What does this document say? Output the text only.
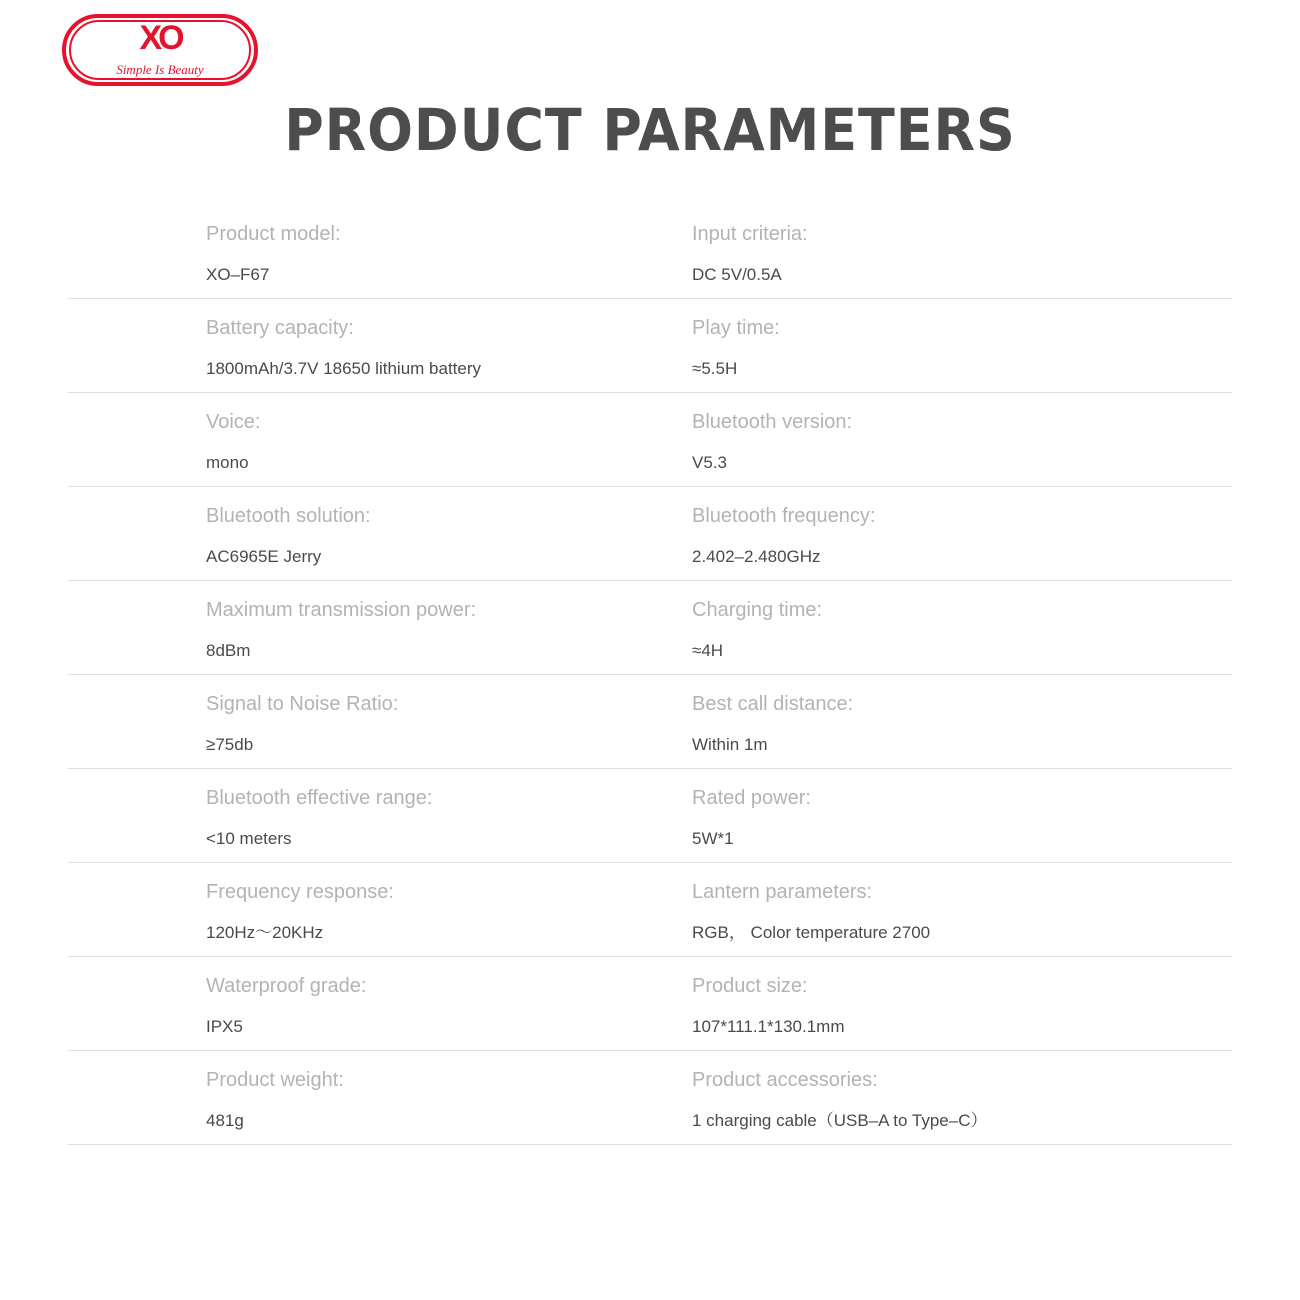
XO
Simple Is Beauty
PRODUCT PARAMETERS
Product model:
XO–F67
Input criteria:
DC 5V/0.5A
Battery capacity:
1800mAh/3.7V 18650 lithium battery
Play time:
≈5.5H
Voice:
mono
Bluetooth version:
V5.3
Bluetooth solution:
AC6965E Jerry
Bluetooth frequency:
2.402–2.480GHz
Maximum transmission power:
8dBm
Charging time:
≈4H
Signal to Noise Ratio:
≥75db
Best call distance:
Within 1m
Bluetooth effective range:
<10 meters
Rated power:
5W*1
Frequency response:
120Hz～20KHz
Lantern parameters:
RGB， Color temperature 2700
Waterproof grade:
IPX5
Product size:
107*111.1*130.1mm
Product weight:
481g
Product accessories:
1 charging cable（USB–A to Type–C）
